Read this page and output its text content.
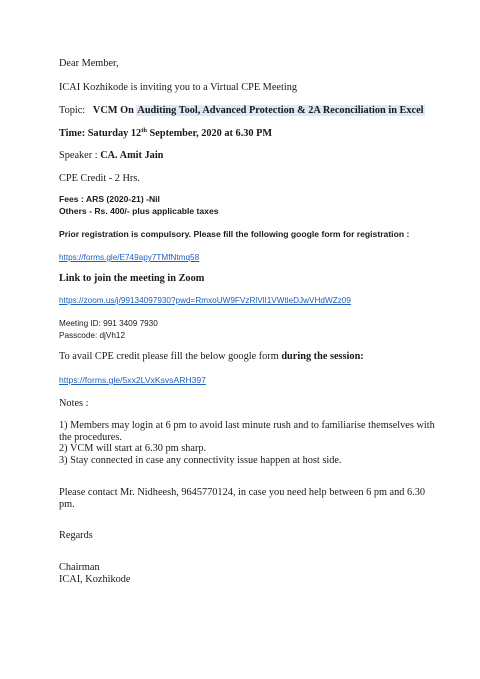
Dear Member,
ICAI Kozhikode is inviting you to a Virtual CPE Meeting
Topic: VCM On Auditing Tool, Advanced Protection & 2A Reconciliation in Excel
Time: Saturday 12th September, 2020 at 6.30 PM
Speaker : CA. Amit Jain
CPE Credit - 2 Hrs.
Fees : ARS (2020-21) -Nil
Others - Rs. 400/- plus applicable taxes
Prior registration is compulsory. Please fill the following google form for registration :
https://forms.gle/E749apy7TMfNtmq58
Link to join the meeting in Zoom
https://zoom.us/j/99134097930?pwd=RmxoUW9FVzRlVlI1VWtleDJwVHdWZz09
Meeting ID: 991 3409 7930
Passcode: djVh12
To avail CPE credit please fill the below google form during the session:
https://forms.gle/5xx2LVxKsvsARH397
Notes :
1) Members may login at 6 pm to avoid last minute rush and to familiarise themselves with
the procedures.
2) VCM will start at 6.30 pm sharp.
3) Stay connected in case any connectivity issue happen at host side.
Please contact Mr. Nidheesh, 9645770124, in case you need help between 6 pm and 6.30 pm.
Regards
Chairman
ICAI, Kozhikode
